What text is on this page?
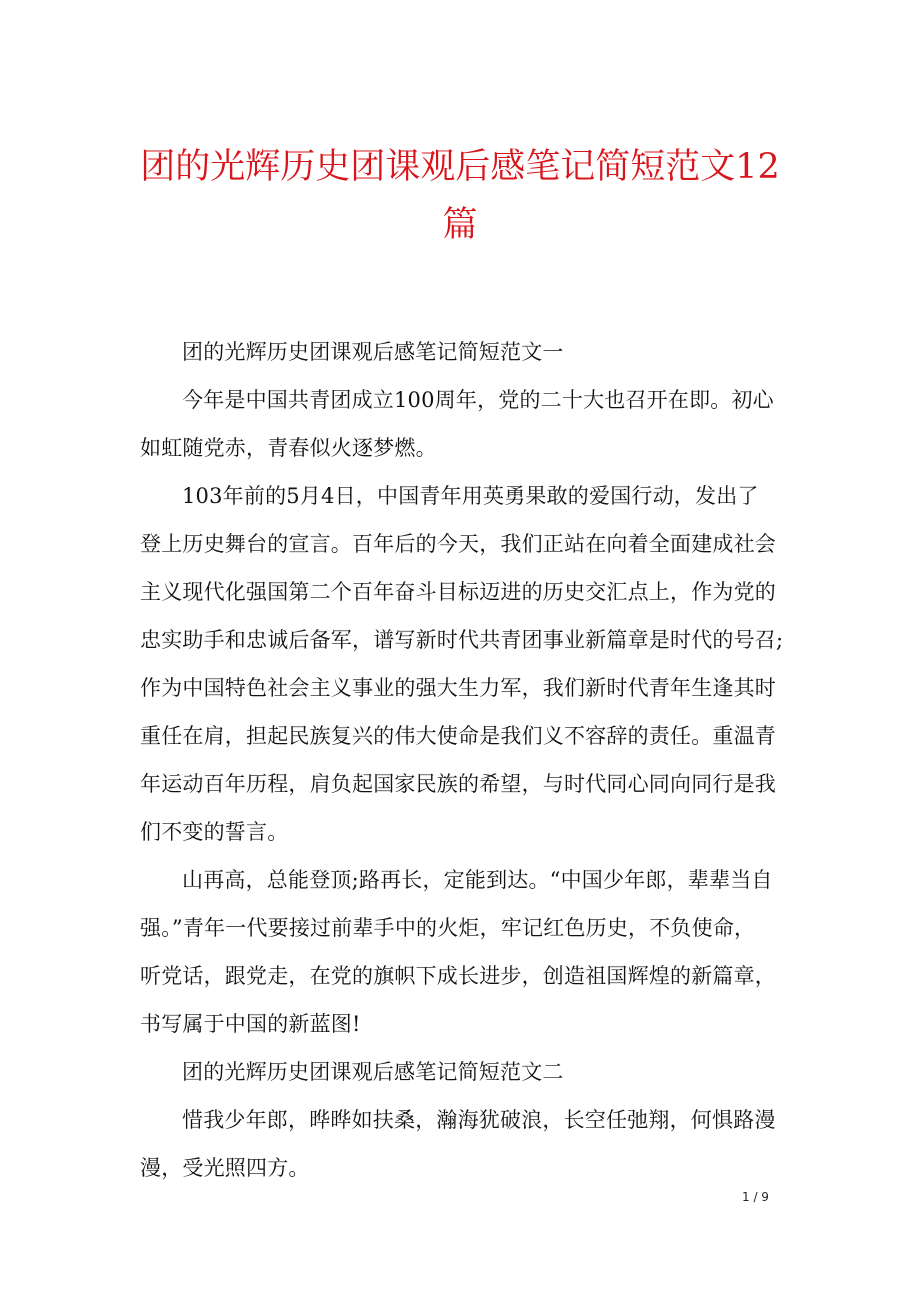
团的光辉历史团课观后感笔记简短范文12
篇
团的光辉历史团课观后感笔记简短范文一
今年是中国共青团成立100周年，党的二十大也召开在即。初心
如虹随党赤，青春似火逐梦燃。
103年前的5月4日，中国青年用英勇果敢的爱国行动，发出了
登上历史舞台的宣言。百年后的今天，我们正站在向着全面建成社会
主义现代化强国第二个百年奋斗目标迈进的历史交汇点上，作为党的
忠实助手和忠诚后备军，谱写新时代共青团事业新篇章是时代的号召;
作为中国特色社会主义事业的强大生力军，我们新时代青年生逢其时
重任在肩，担起民族复兴的伟大使命是我们义不容辞的责任。重温青
年运动百年历程，肩负起国家民族的希望，与时代同心同向同行是我
们不变的誓言。
山再高，总能登顶;路再长，定能到达。“中国少年郎，辈辈当自
强。”青年一代要接过前辈手中的火炬，牢记红色历史，不负使命，
听党话，跟党走，在党的旗帜下成长进步，创造祖国辉煌的新篇章，
书写属于中国的新蓝图!
团的光辉历史团课观后感笔记简短范文二
惜我少年郎，晔晔如扶桑，瀚海犹破浪，长空任弛翔，何惧路漫
漫，受光照四方。
1 / 9
